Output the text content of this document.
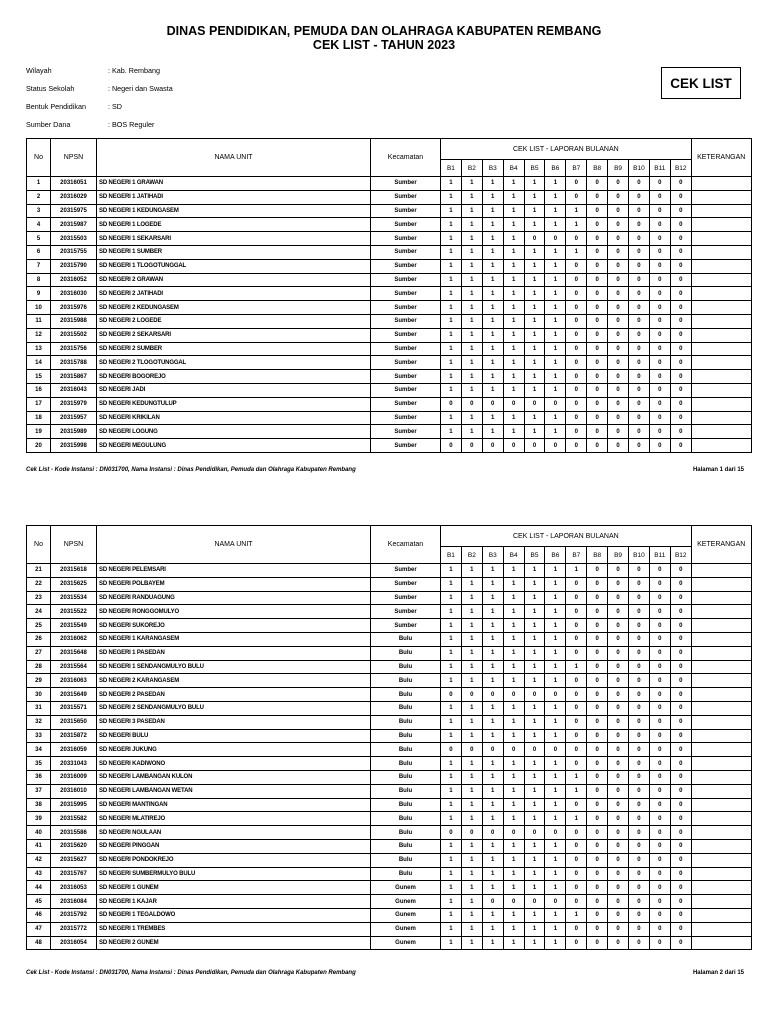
DINAS PENDIDIKAN, PEMUDA DAN OLAHRAGA KABUPATEN REMBANG
CEK LIST - TAHUN 2023
Wilayah	: Kab. Rembang
Status Sekolah	: Negeri dan Swasta
Bentuk Pendidikan	: SD
Sumber Dana	: BOS Reguler
CEK LIST
No	NPSN	NAMA UNIT	Kecamatan	CEK LIST - LAPORAN BULANAN												KETERANGAN
				B1	B2	B3	B4	B5	B6	B7	B8	B9	B10	B11	B12	
1	20316051	SD NEGERI 1 GRAWAN	Sumber	1	1	1	1	1	1	0	0	0	0	0	0	
2	20316029	SD NEGERI 1 JATIHADI	Sumber	1	1	1	1	1	1	0	0	0	0	0	0	
3	20315975	SD NEGERI 1 KEDUNGASEM	Sumber	1	1	1	1	1	1	1	0	0	0	0	0	
4	20315987	SD NEGERI 1 LOGEDE	Sumber	1	1	1	1	1	1	1	0	0	0	0	0	
5	20315503	SD NEGERI 1 SEKARSARI	Sumber	1	1	1	1	0	0	0	0	0	0	0	0	
6	20315755	SD NEGERI 1 SUMBER	Sumber	1	1	1	1	1	1	1	0	0	0	0	0	
7	20315790	SD NEGERI 1 TLOGOTUNGGAL	Sumber	1	1	1	1	1	1	0	0	0	0	0	0	
8	20316052	SD NEGERI 2 GRAWAN	Sumber	1	1	1	1	1	1	0	0	0	0	0	0	
9	20316030	SD NEGERI 2 JATIHADI	Sumber	1	1	1	1	1	1	0	0	0	0	0	0	
10	20315976	SD NEGERI 2 KEDUNGASEM	Sumber	1	1	1	1	1	1	0	0	0	0	0	0	
11	20315988	SD NEGERI 2 LOGEDE	Sumber	1	1	1	1	1	1	0	0	0	0	0	0	
12	20315502	SD NEGERI 2 SEKARSARI	Sumber	1	1	1	1	1	1	0	0	0	0	0	0	
13	20315756	SD NEGERI 2 SUMBER	Sumber	1	1	1	1	1	1	0	0	0	0	0	0	
14	20315788	SD NEGERI 2 TLOGOTUNGGAL	Sumber	1	1	1	1	1	1	0	0	0	0	0	0	
15	20315867	SD NEGERI BOGOREJO	Sumber	1	1	1	1	1	1	0	0	0	0	0	0	
16	20316043	SD NEGERI JADI	Sumber	1	1	1	1	1	1	0	0	0	0	0	0	
17	20315979	SD NEGERI KEDUNGTULUP	Sumber	0	0	0	0	0	0	0	0	0	0	0	0	
18	20315957	SD NEGERI KRIKILAN	Sumber	1	1	1	1	1	1	0	0	0	0	0	0	
19	20315989	SD NEGERI LOGUNG	Sumber	1	1	1	1	1	1	0	0	0	0	0	0	
20	20315998	SD NEGERI MEGULUNG	Sumber	0	0	0	0	0	0	0	0	0	0	0	0	
Cek List - Kode Instansi : DN031700, Nama Instansi : Dinas Pendidikan, Pemuda dan Olahraga Kabupaten Rembang	Halaman 1 dari 15
No	NPSN	NAMA UNIT	Kecamatan	CEK LIST - LAPORAN BULANAN												KETERANGAN
				B1	B2	B3	B4	B5	B6	B7	B8	B9	B10	B11	B12	
21	20315618	SD NEGERI PELEMSARI	Sumber	1	1	1	1	1	1	1	0	0	0	0	0	
22	20315625	SD NEGERI POLBAYEM	Sumber	1	1	1	1	1	1	0	0	0	0	0	0	
23	20315534	SD NEGERI RANDUAGUNG	Sumber	1	1	1	1	1	1	0	0	0	0	0	0	
24	20315522	SD NEGERI RONGGOMULYO	Sumber	1	1	1	1	1	1	0	0	0	0	0	0	
25	20315549	SD NEGERI SUKOREJO	Sumber	1	1	1	1	1	1	0	0	0	0	0	0	
26	20316062	SD NEGERI 1 KARANGASEM	Bulu	1	1	1	1	1	1	0	0	0	0	0	0	
27	20315648	SD NEGERI 1 PASEDAN	Bulu	1	1	1	1	1	1	0	0	0	0	0	0	
28	20315564	SD NEGERI 1 SENDANGMULYO BULU	Bulu	1	1	1	1	1	1	1	0	0	0	0	0	
29	20316063	SD NEGERI 2 KARANGASEM	Bulu	1	1	1	1	1	1	0	0	0	0	0	0	
30	20315649	SD NEGERI 2 PASEDAN	Bulu	0	0	0	0	0	0	0	0	0	0	0	0	
31	20315571	SD NEGERI 2 SENDANGMULYO BULU	Bulu	1	1	1	1	1	1	0	0	0	0	0	0	
32	20315650	SD NEGERI 3 PASEDAN	Bulu	1	1	1	1	1	1	0	0	0	0	0	0	
33	20315872	SD NEGERI BULU	Bulu	1	1	1	1	1	1	0	0	0	0	0	0	
34	20316059	SD NEGERI JUKUNG	Bulu	0	0	0	0	0	0	0	0	0	0	0	0	
35	20331043	SD NEGERI KADIWONO	Bulu	1	1	1	1	1	1	0	0	0	0	0	0	
36	20316009	SD NEGERI LAMBANGAN KULON	Bulu	1	1	1	1	1	1	1	0	0	0	0	0	
37	20316010	SD NEGERI LAMBANGAN WETAN	Bulu	1	1	1	1	1	1	1	0	0	0	0	0	
38	20315995	SD NEGERI MANTINGAN	Bulu	1	1	1	1	1	1	0	0	0	0	0	0	
39	20315582	SD NEGERI MLATIREJO	Bulu	1	1	1	1	1	1	1	0	0	0	0	0	
40	20315586	SD NEGERI NGULAAN	Bulu	0	0	0	0	0	0	0	0	0	0	0	0	
41	20315620	SD NEGERI PINGGAN	Bulu	1	1	1	1	1	1	0	0	0	0	0	0	
42	20315627	SD NEGERI PONDOKREJO	Bulu	1	1	1	1	1	1	0	0	0	0	0	0	
43	20315767	SD NEGERI SUMBERMULYO BULU	Bulu	1	1	1	1	1	1	0	0	0	0	0	0	
44	20316053	SD NEGERI 1 GUNEM	Gunem	1	1	1	1	1	1	0	0	0	0	0	0	
45	20316084	SD NEGERI 1 KAJAR	Gunem	1	1	0	0	0	0	0	0	0	0	0	0	
46	20315792	SD NEGERI 1 TEGALDOWO	Gunem	1	1	1	1	1	1	1	0	0	0	0	0	
47	20315772	SD NEGERI 1 TREMBES	Gunem	1	1	1	1	1	1	0	0	0	0	0	0	
48	20316054	SD NEGERI 2 GUNEM	Gunem	1	1	1	1	1	1	0	0	0	0	0	0	
Cek List - Kode Instansi : DN031700, Nama Instansi : Dinas Pendidikan, Pemuda dan Olahraga Kabupaten Rembang	Halaman 2 dari 15
